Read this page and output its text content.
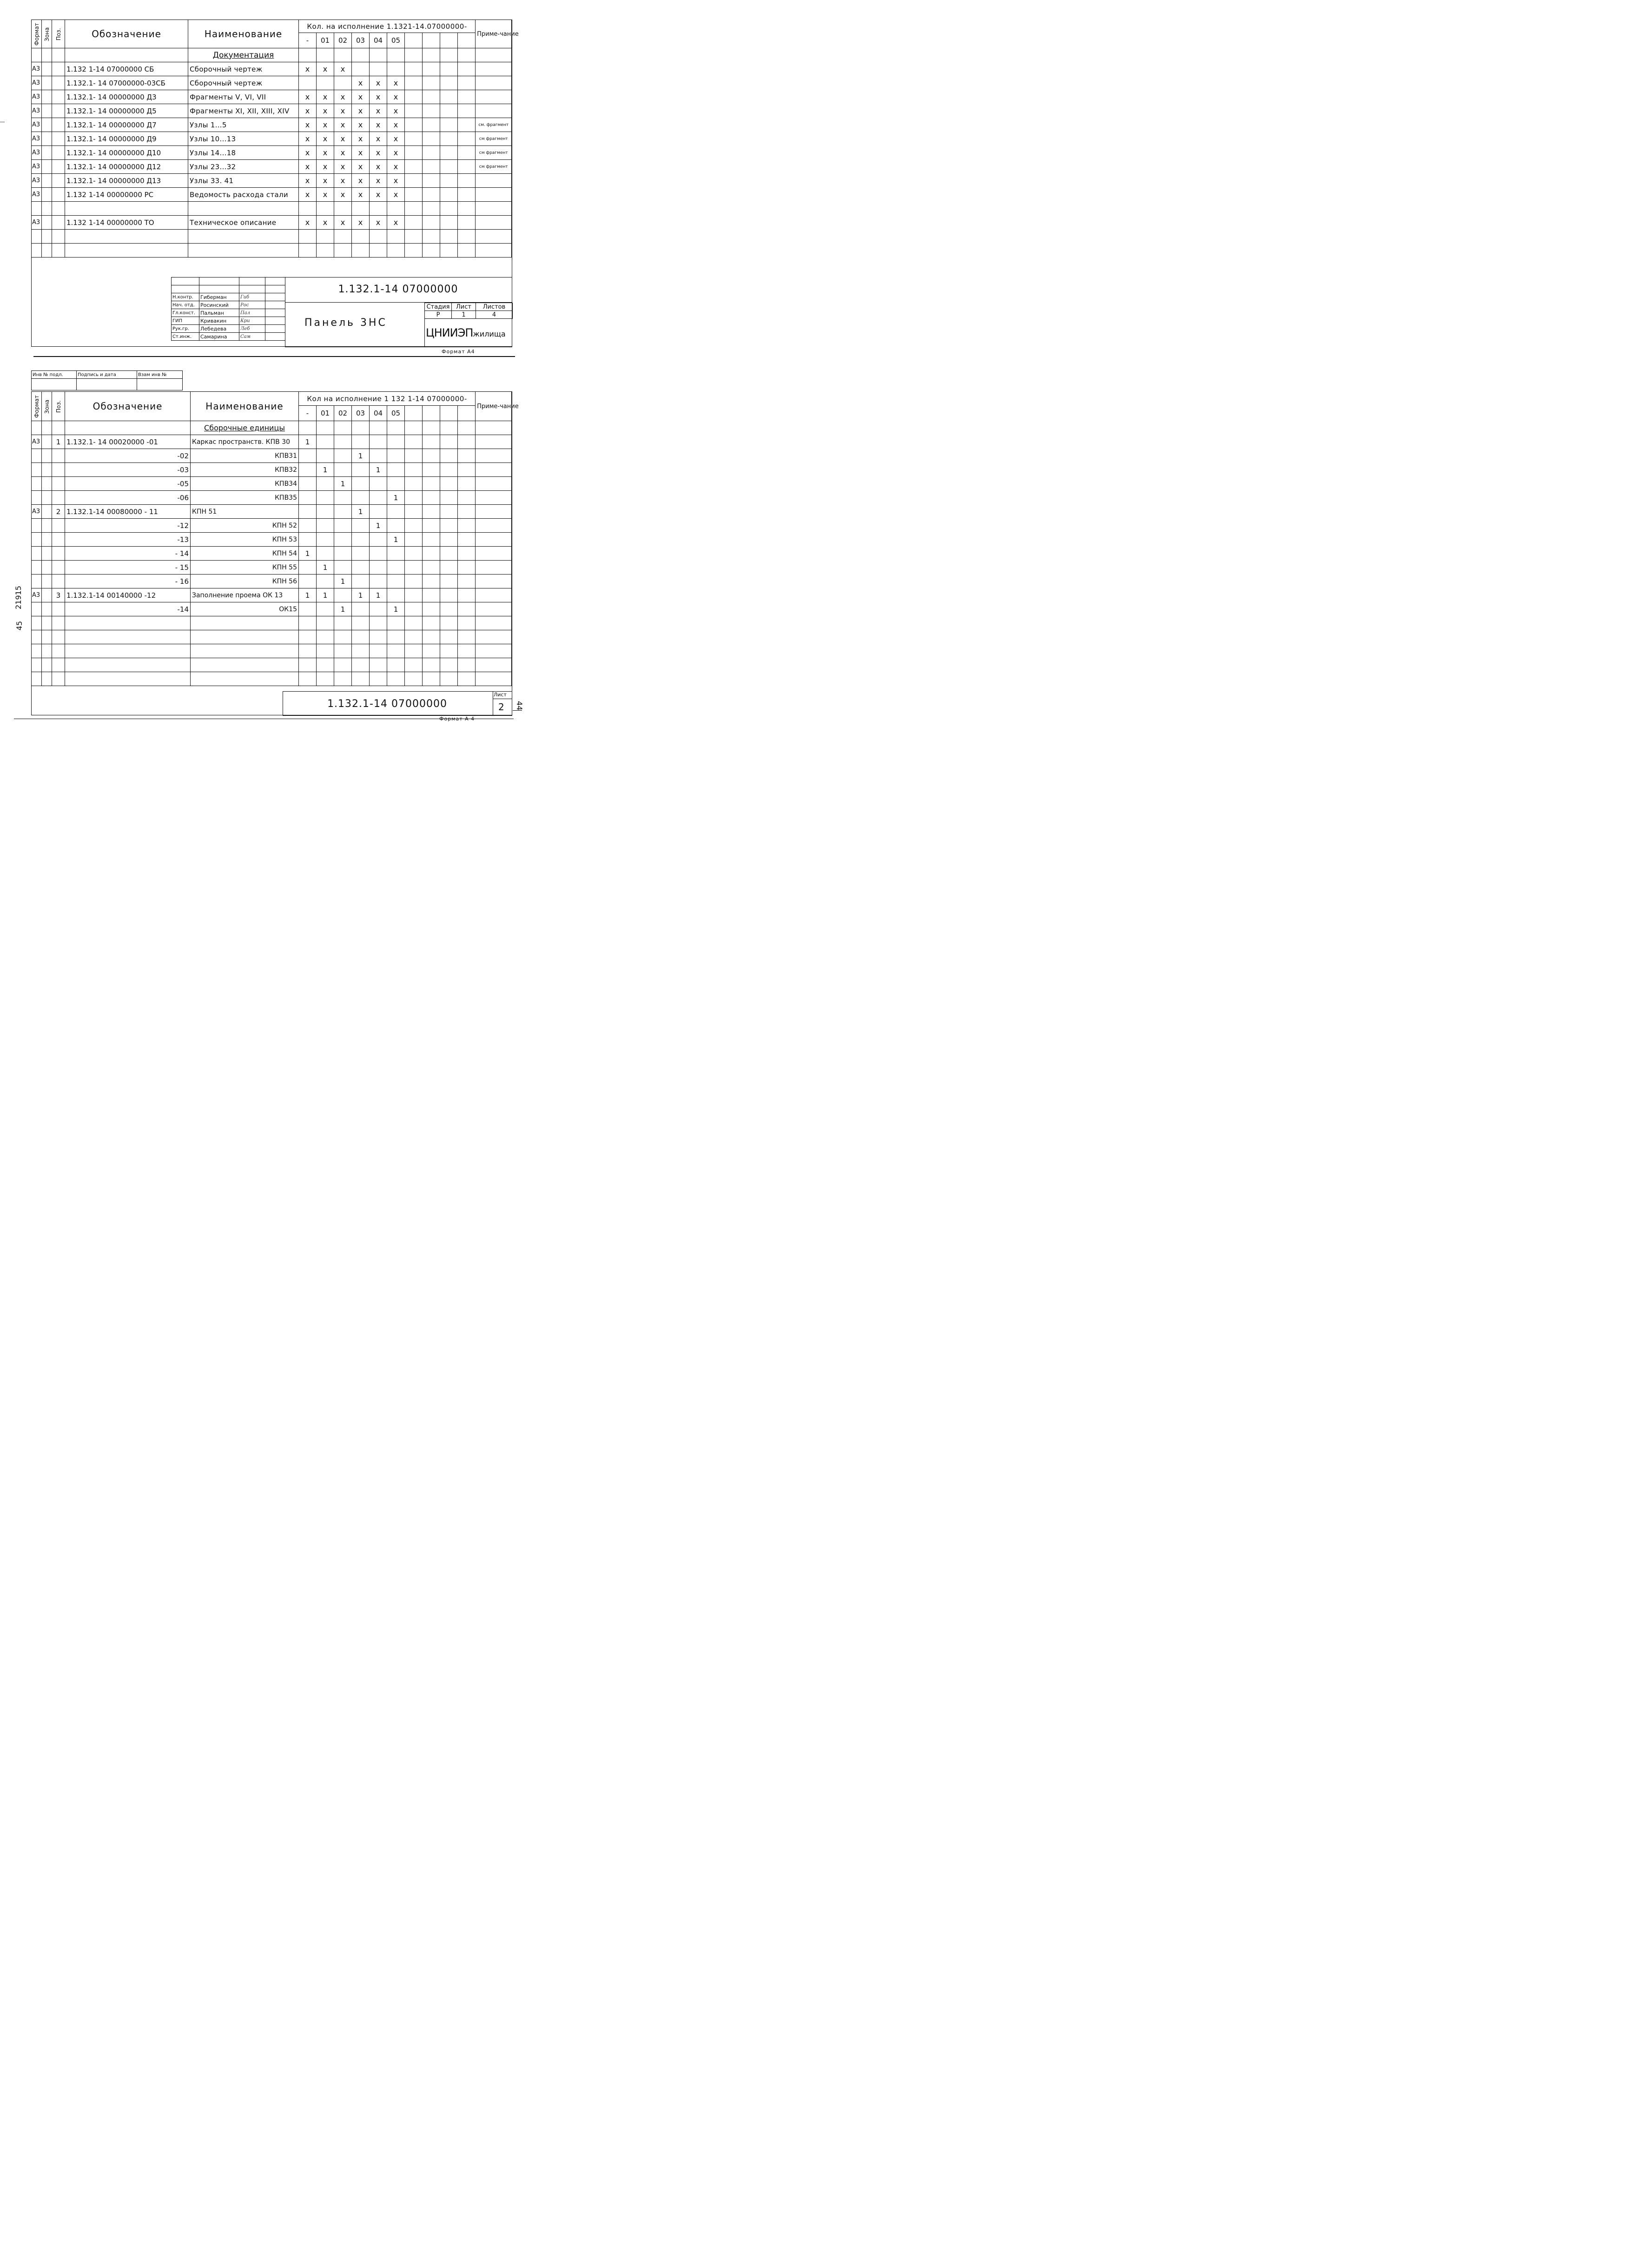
Формат	Зона	Поз.	Обозначение	Наименование	Кол. на исполнение 1.1321-14.07000000-										Приме-чание
					-	01	02	03	04	05					
				Документация											
А3			1.132 1-14 07000000 СБ	Сборочный чертеж	x	x	x								
А3			1.132.1- 14 07000000-03СБ	Сборочный чертеж				x	x	x					
А3			1.132.1- 14 00000000 Д3	Фрагменты V, VI, VII	x	x	x	x	x	x					
А3			1.132.1- 14 00000000 Д5	Фрагменты XI, XII, XIII, XIV	x	x	x	x	x	x					
А3			1.132.1- 14 00000000 Д7	Узлы 1...5	x	x	x	x	x	x					см. фрагмент
А3			1.132.1- 14 00000000 Д9	Узлы 10...13	x	x	x	x	x	x					см фрагмент
А3			1.132.1- 14 00000000 Д10	Узлы 14...18	x	x	x	x	x	x					см фрагмент
А3			1.132.1- 14 00000000 Д12	Узлы 23...32	x	x	x	x	x	x					см фрагмент
А3			1.132.1- 14 00000000 Д13	Узлы 33. 41	x	x	x	x	x	x					
А3			1.132 1-14 00000000 РС	Ведомость расхода стали	x	x	x	x	x	x					

А3			1.132 1-14 00000000 ТО	Техническое описание	x	x	x	x	x	x					

Н.контр.	Гиберман	Гиб	
Нач. отд.	Росинский	Рос	
Гл.конст.	Пальман	Пал	
ГИП	Кривакин	Кри	
Рук.гр.	Лебедева	Леб	
Ст.инж.	Самарина	Сам	
1.132.1-14 07000000
Панель 3НС
Стадия	Лист	Листов
Р	1	4
ЦНИИЭПжилища
Формат А4
Инв № подл.	Подпись и дата	Взам инв №

Формат	Зона	Поз.	Обозначение	Наименование	Кол на исполнение 1 132 1-14 07000000-										Приме-чание
					-	01	02	03	04	05					
				Сборочные единицы											
А3		1	1.132.1- 14 00020000 -01	Каркас пространств. КПВ 30	1										
			-02	КПВ31				1							
			-03	КПВ32		1			1						
			-05	КПВ34			1								
			-06	КПВ35						1					
А3		2	1.132.1-14 00080000 - 11	КПН 51				1							
			-12	КПН 52					1						
			-13	КПН 53						1					
			- 14	КПН 54	1										
			- 15	КПН 55		1									
			- 16	КПН 56			1								
А3		3	1.132.1-14 00140000 -12	Заполнение проема ОК 13	1	1		1	1						
			-14	ОК15			1			1					

1.132.1-14 07000000
Лист
2
Формат А 4
21915
45
44
